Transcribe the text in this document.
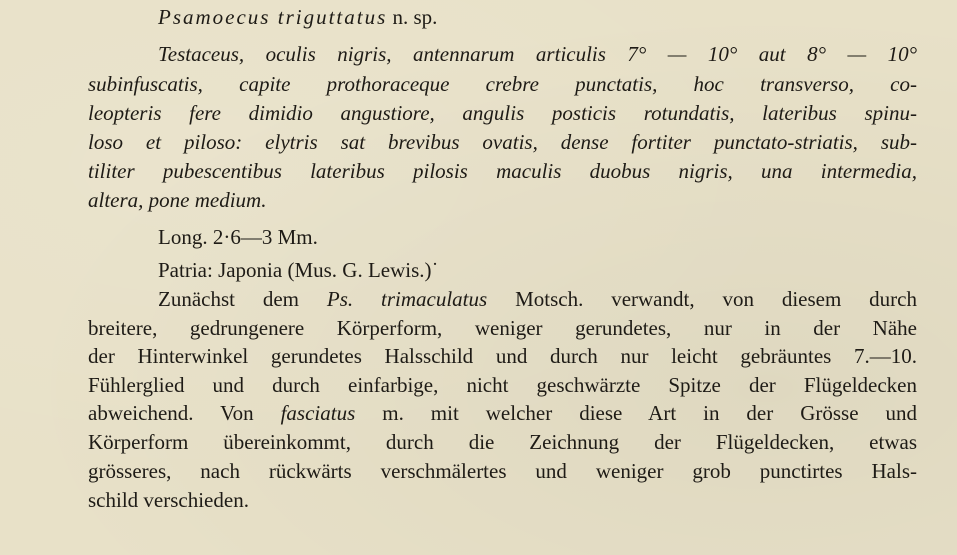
Psamoecus triguttatus n. sp.
Testaceus, oculis nigris, antennarum articulis 7° — 10° aut 8° — 10°
subinfuscatis, capite prothoraceque crebre punctatis, hoc transverso, co-
leopteris fere dimidio angustiore, angulis posticis rotundatis, lateribus spinu-
loso et piloso: elytris sat brevibus ovatis, dense fortiter punctato-striatis, sub-
tiliter pubescentibus lateribus pilosis maculis duobus nigris, una intermedia,
altera, pone medium.
Long. 2·6—3 Mm.
Patria: Japonia (Mus. G. Lewis.)˙
Zunächst dem Ps. trimaculatus Motsch. verwandt, von diesem durch
breitere, gedrungenere Körperform, weniger gerundetes, nur in der Nähe
der Hinterwinkel gerundetes Halsschild und durch nur leicht gebräuntes 7.—10.
Fühlerglied und durch einfarbige, nicht geschwärzte Spitze der Flügeldecken
abweichend. Von fasciatus m. mit welcher diese Art in der Grösse und
Körperform übereinkommt, durch die Zeichnung der Flügeldecken, etwas
grösseres, nach rückwärts verschmälertes und weniger grob punctirtes Hals-
schild verschieden.
